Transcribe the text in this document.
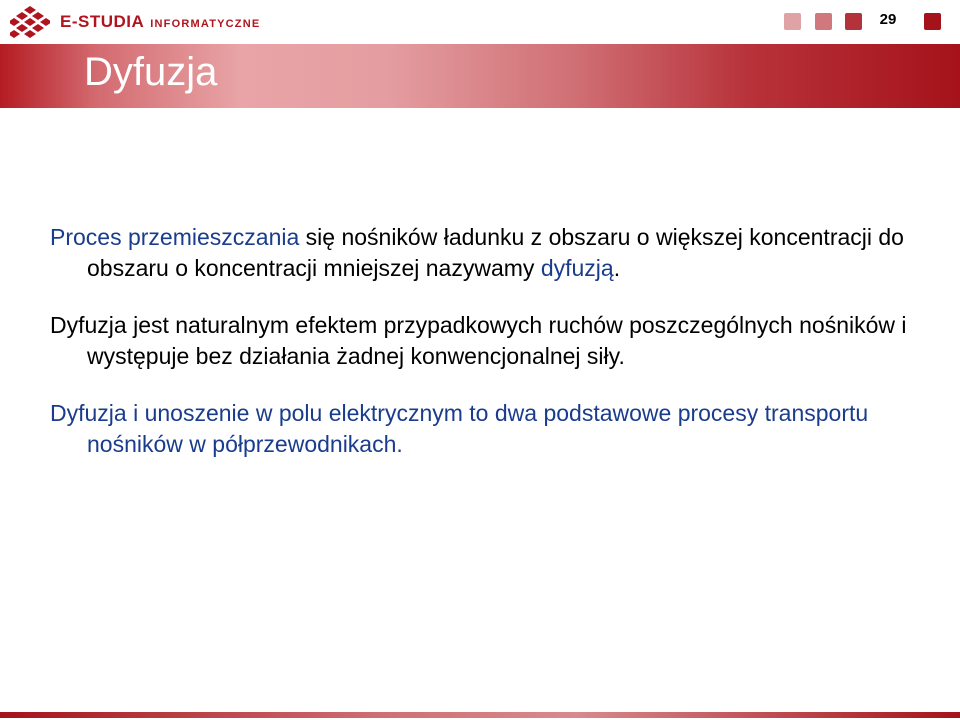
E-STUDIA INFORMATYCZNE	29
Dyfuzja

Proces przemieszczania się nośników ładunku z obszaru o większej koncentracji do obszaru o koncentracji mniejszej nazywamy dyfuzją.

Dyfuzja jest naturalnym efektem przypadkowych ruchów poszczególnych nośników i występuje bez działania żadnej konwencjonalnej siły.

Dyfuzja i unoszenie w polu elektrycznym to dwa podstawowe procesy transportu nośników w półprzewodnikach.
